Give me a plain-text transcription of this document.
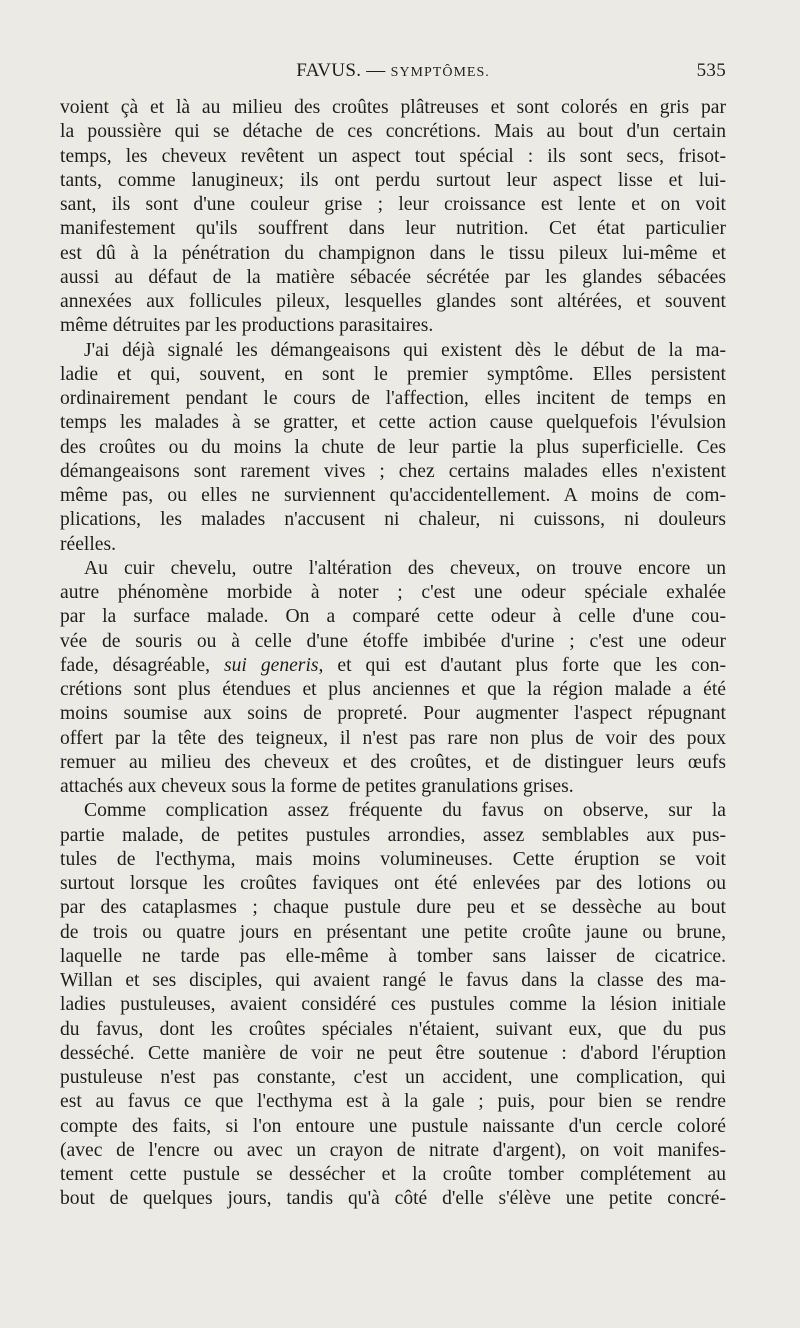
FAVUS. — SYMPTÔMES.	535
voient çà et là au milieu des croûtes plâtreuses et sont colorés en gris par
la poussière qui se détache de ces concrétions. Mais au bout d'un certain
temps, les cheveux revêtent un aspect tout spécial : ils sont secs, frisot-
tants, comme lanugineux; ils ont perdu surtout leur aspect lisse et lui-
sant, ils sont d'une couleur grise ; leur croissance est lente et on voit
manifestement qu'ils souffrent dans leur nutrition. Cet état particulier
est dû à la pénétration du champignon dans le tissu pileux lui-même et
aussi au défaut de la matière sébacée sécrétée par les glandes sébacées
annexées aux follicules pileux, lesquelles glandes sont altérées, et souvent
même détruites par les productions parasitaires.
J'ai déjà signalé les démangeaisons qui existent dès le début de la ma-
ladie et qui, souvent, en sont le premier symptôme. Elles persistent
ordinairement pendant le cours de l'affection, elles incitent de temps en
temps les malades à se gratter, et cette action cause quelquefois l'évulsion
des croûtes ou du moins la chute de leur partie la plus superficielle. Ces
démangeaisons sont rarement vives ; chez certains malades elles n'existent
même pas, ou elles ne surviennent qu'accidentellement. A moins de com-
plications, les malades n'accusent ni chaleur, ni cuissons, ni douleurs
réelles.
Au cuir chevelu, outre l'altération des cheveux, on trouve encore un
autre phénomène morbide à noter ; c'est une odeur spéciale exhalée
par la surface malade. On a comparé cette odeur à celle d'une cou-
vée de souris ou à celle d'une étoffe imbibée d'urine ; c'est une odeur
fade, désagréable, sui generis, et qui est d'autant plus forte que les con-
crétions sont plus étendues et plus anciennes et que la région malade a été
moins soumise aux soins de propreté. Pour augmenter l'aspect répugnant
offert par la tête des teigneux, il n'est pas rare non plus de voir des poux
remuer au milieu des cheveux et des croûtes, et de distinguer leurs œufs
attachés aux cheveux sous la forme de petites granulations grises.
Comme complication assez fréquente du favus on observe, sur la
partie malade, de petites pustules arrondies, assez semblables aux pus-
tules de l'ecthyma, mais moins volumineuses. Cette éruption se voit
surtout lorsque les croûtes faviques ont été enlevées par des lotions ou
par des cataplasmes ; chaque pustule dure peu et se dessèche au bout
de trois ou quatre jours en présentant une petite croûte jaune ou brune,
laquelle ne tarde pas elle-même à tomber sans laisser de cicatrice.
Willan et ses disciples, qui avaient rangé le favus dans la classe des ma-
ladies pustuleuses, avaient considéré ces pustules comme la lésion initiale
du favus, dont les croûtes spéciales n'étaient, suivant eux, que du pus
desséché. Cette manière de voir ne peut être soutenue : d'abord l'éruption
pustuleuse n'est pas constante, c'est un accident, une complication, qui
est au favus ce que l'ecthyma est à la gale ; puis, pour bien se rendre
compte des faits, si l'on entoure une pustule naissante d'un cercle coloré
(avec de l'encre ou avec un crayon de nitrate d'argent), on voit manifes-
tement cette pustule se dessécher et la croûte tomber complétement au
bout de quelques jours, tandis qu'à côté d'elle s'élève une petite concré-
